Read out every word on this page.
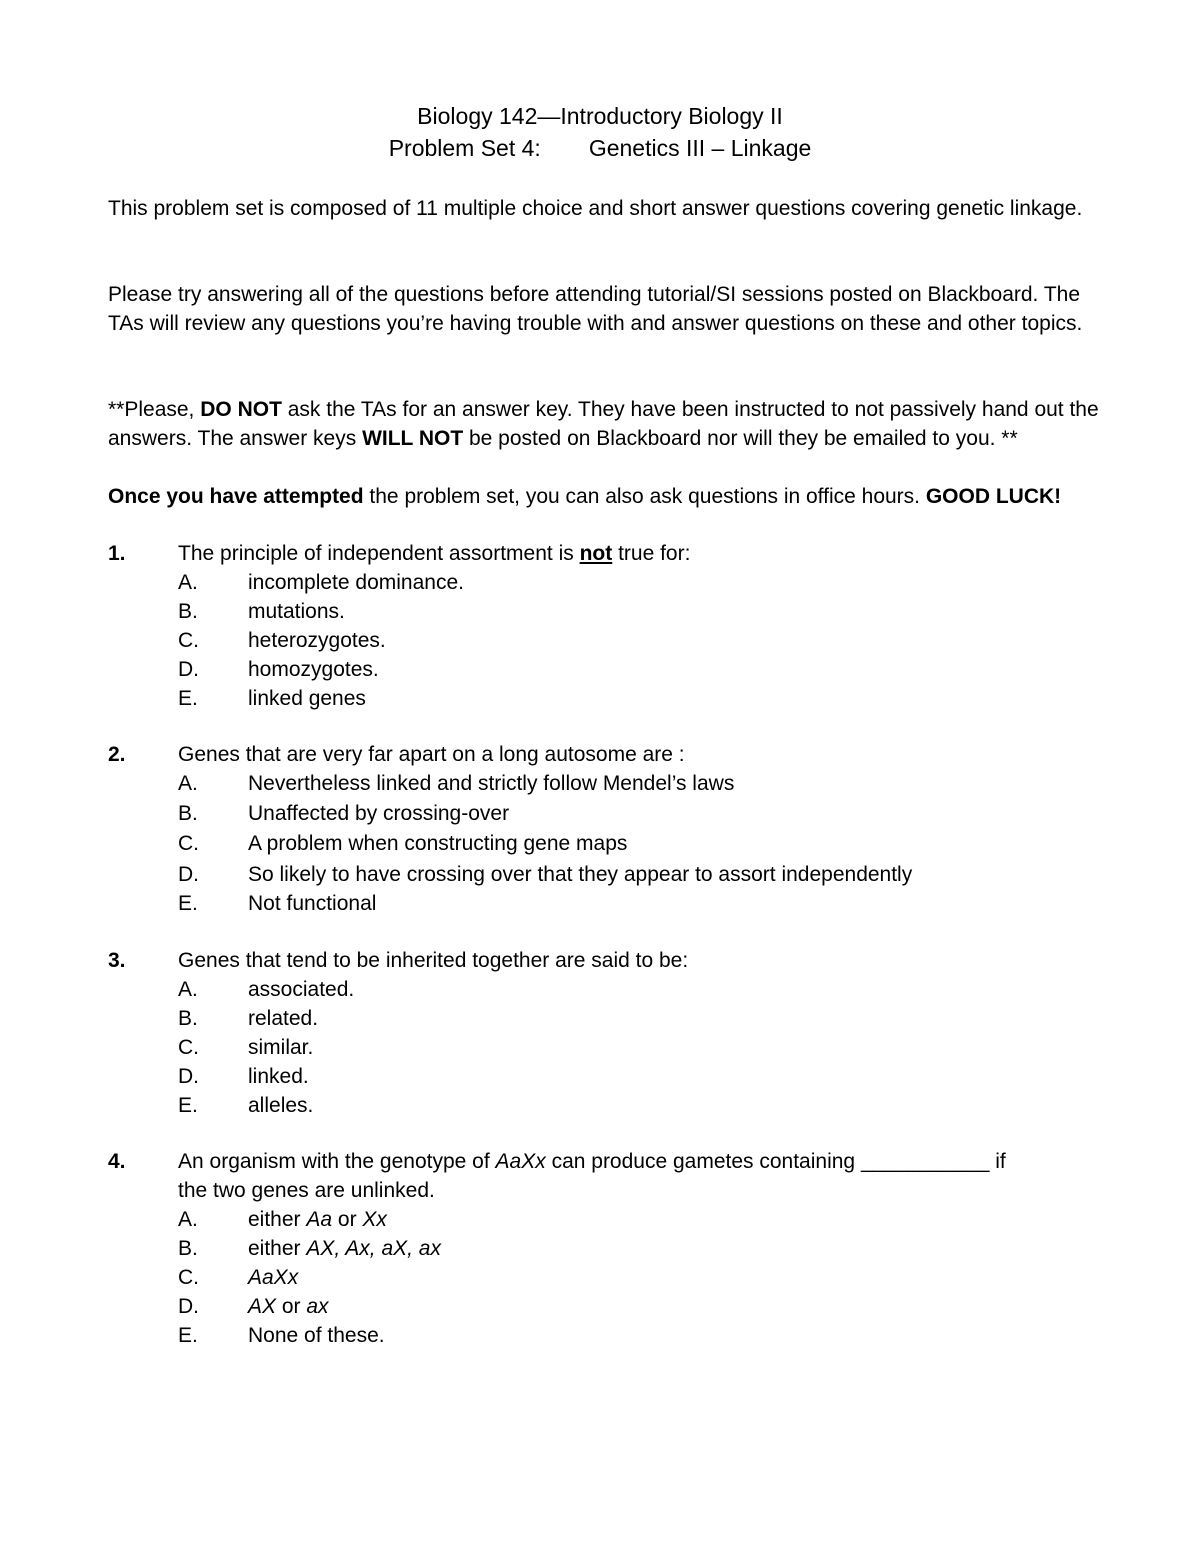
Biology 142—Introductory Biology II
Problem Set 4: Genetics III – Linkage
This problem set is composed of 11 multiple choice and short answer questions covering genetic linkage.
Please try answering all of the questions before attending tutorial/SI sessions posted on Blackboard. The TAs will review any questions you’re having trouble with and answer questions on these and other topics.
**Please, DO NOT ask the TAs for an answer key. They have been instructed to not passively hand out the answers. The answer keys WILL NOT be posted on Blackboard nor will they be emailed to you. **
Once you have attempted the problem set, you can also ask questions in office hours. GOOD LUCK!
1. The principle of independent assortment is not true for:
A. incomplete dominance.
B. mutations.
C. heterozygotes.
D. homozygotes.
E. linked genes
2. Genes that are very far apart on a long autosome are :
A. Nevertheless linked and strictly follow Mendel’s laws
B. Unaffected by crossing-over
C. A problem when constructing gene maps
D. So likely to have crossing over that they appear to assort independently
E. Not functional
3. Genes that tend to be inherited together are said to be:
A. associated.
B. related.
C. similar.
D. linked.
E. alleles.
4. An organism with the genotype of AaXx can produce gametes containing ___________ if
the two genes are unlinked.
A. either Aa or Xx
B. either AX, Ax, aX, ax
C. AaXx
D. AX or ax
E. None of these.
